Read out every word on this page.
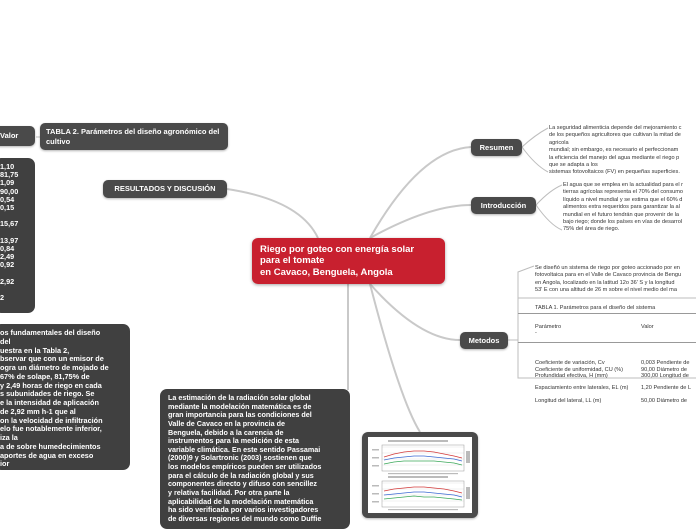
Riego por goteo con energía solar
para el tomate
en Cavaco, Benguela, Angola
Resumen
Introducción
Metodos
La seguridad alimenticia depende del mejoramiento c
de los pequeños agricultores que cultivan la mitad de
agricola
mundial; sin embargo, es necesario el perfeccionam
la eficiencia del manejo del agua mediante el riego p
que se adapta a los
sistemas fotovoltaicos (FV) en pequeñas superficies.
El agua que se emplea en la actualidad para el r
tierras agrícolas representa el 70% del consumo
líquido a nivel mundial y se estima que el 60% d
alimentos extra requeridos para garantizar la al
mundial en el futuro tendrán que provenir de la
bajo riego; donde los países en vías de desarrol
75% del área de riego.
Se diseñó un sistema de riego por goteo accionado por en
fotovoltaica para en el Valle de Cavaco provincia de Bengu
en Angola, localizado en la latitud 12o 36' S y la longitud
53' E con una altitud de 26 m sobre el nivel medio del ma
TABLA 1. Parámetros para el diseño del sistema
Parámetro	Valor
-
Coeficiente de variación, Cv	0,003 Pendiente de
Coeficiente de uniformidad, CU (%)	90,00 Diámetro de
Profundidad efectiva, H (mm)	300,00 Longitud de
Espaciamiento entre laterales, EL (m) 1,20 Pendiente de L
Longitud del lateral, LL (m)	50,00 Diámetro de
RESULTADOS Y DISCUSIÓN
TABLA 2. Parámetros del diseño agronómico del cultivo
Valor
1,10
81,75
1,09
90,00
0,54
0,15
15,67
13,97
0,84
2,49
0,92
2,92
2
os fundamentales del diseño
del
uestra en la Tabla 2,
bservar que con un emisor de
ogra un diámetro de mojado de
67% de solape, 81,75% de
y 2,49 horas de riego en cada
s subunidades de riego. Se
e la intensidad de aplicación
de 2,92 mm h-1 que al
on la velocidad de infiltración
elo fue notablemente inferior,
iza la
a de sobre humedecimientos
aportes de agua en exceso
ior
La estimación de la radiación solar global
mediante la modelación matemática es de
gran importancia para las condiciones del
Valle de Cavaco en la provincia de
Benguela, debido a la carencia de
instrumentos para la medición de esta
variable climática. En este sentido Passamai
(2000)9 y Solartronic (2003) sostienen que
los modelos empíricos pueden ser utilizados
para el cálculo de la radiación global y sus
componentes directo y difuso con sencillez
y relativa facilidad. Por otra parte la
aplicabilidad de la modelación matemática
ha sido verificada por varios investigadores
de diversas regiones del mundo como Duffie
